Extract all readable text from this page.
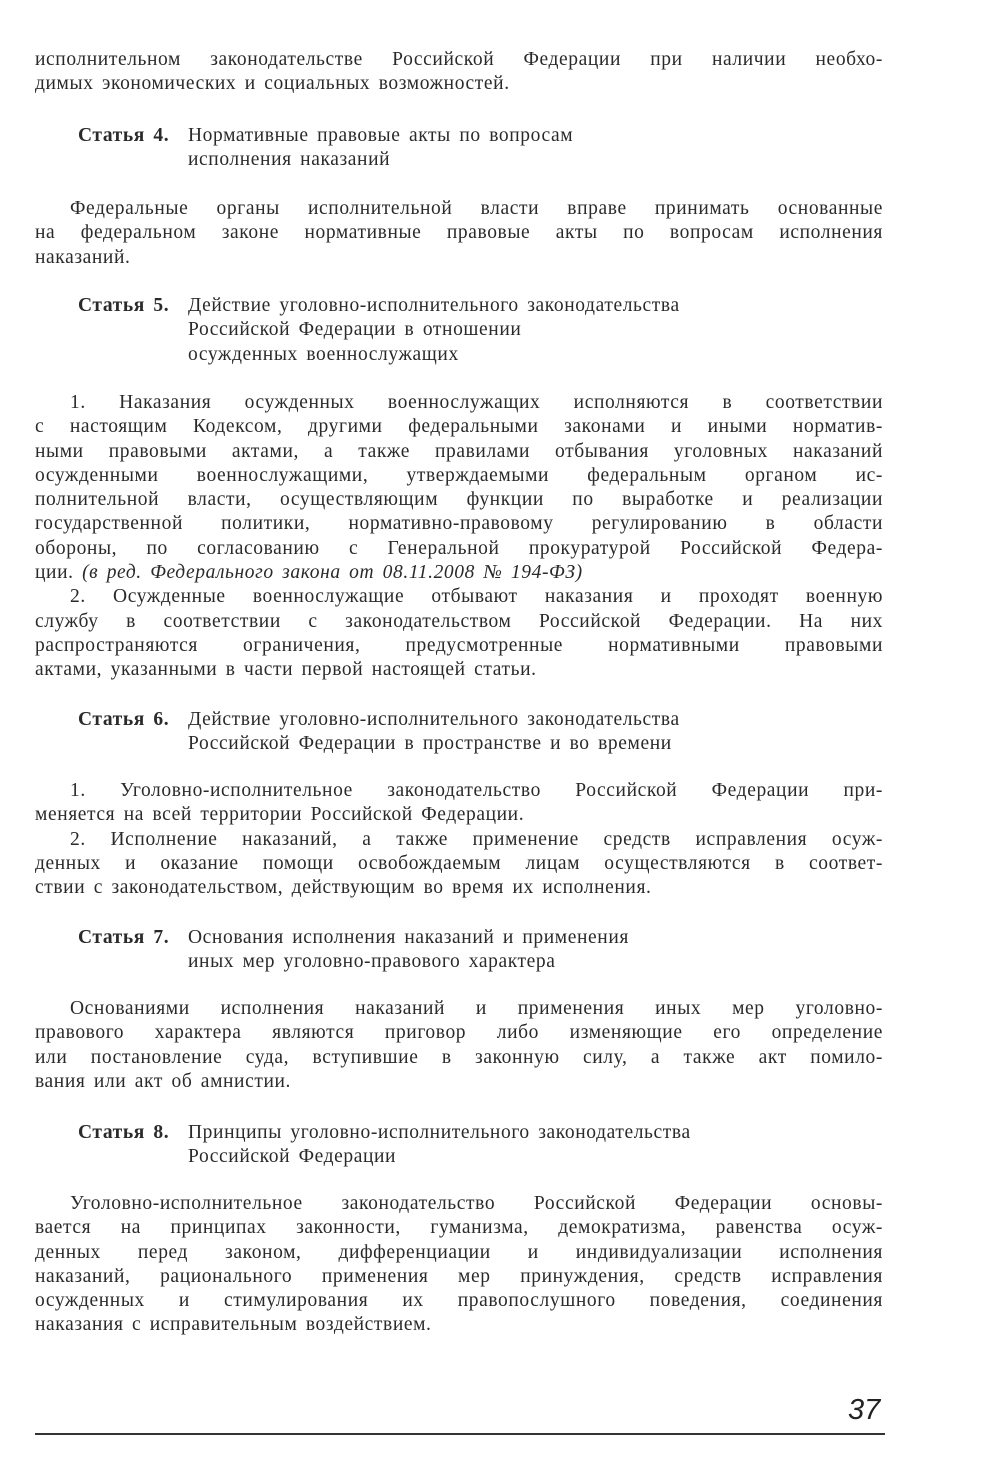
исполнительном законодательстве Российской Федерации при наличии необхо-
димых экономических и социальных возможностей.
Статья 4. Нормативные правовые акты по вопросам
исполнения наказаний
Федеральные органы исполнительной власти вправе принимать основанные
на федеральном законе нормативные правовые акты по вопросам исполнения
наказаний.
Статья 5. Действие уголовно-исполнительного законодательства
Российской Федерации в отношении
осужденных военнослужащих
1. Наказания осужденных военнослужащих исполняются в соответствии
с настоящим Кодексом, другими федеральными законами и иными норматив-
ными правовыми актами, а также правилами отбывания уголовных наказаний
осужденными военнослужащими, утверждаемыми федеральным органом ис-
полнительной власти, осуществляющим функции по выработке и реализации
государственной политики, нормативно-правовому регулированию в области
обороны, по согласованию с Генеральной прокуратурой Российской Федера-
ции. (в ред. Федерального закона от 08.11.2008 № 194-ФЗ)
2. Осужденные военнослужащие отбывают наказания и проходят военную
службу в соответствии с законодательством Российской Федерации. На них
распространяются ограничения, предусмотренные нормативными правовыми
актами, указанными в части первой настоящей статьи.
Статья 6. Действие уголовно-исполнительного законодательства
Российской Федерации в пространстве и во времени
1. Уголовно-исполнительное законодательство Российской Федерации при-
меняется на всей территории Российской Федерации.
2. Исполнение наказаний, а также применение средств исправления осуж-
денных и оказание помощи освобождаемым лицам осуществляются в соответ-
ствии с законодательством, действующим во время их исполнения.
Статья 7. Основания исполнения наказаний и применения
иных мер уголовно-правового характера
Основаниями исполнения наказаний и применения иных мер уголовно-
правового характера являются приговор либо изменяющие его определение
или постановление суда, вступившие в законную силу, а также акт помило-
вания или акт об амнистии.
Статья 8. Принципы уголовно-исполнительного законодательства
Российской Федерации
Уголовно-исполнительное законодательство Российской Федерации основы-
вается на принципах законности, гуманизма, демократизма, равенства осуж-
денных перед законом, дифференциации и индивидуализации исполнения
наказаний, рационального применения мер принуждения, средств исправления
осужденных и стимулирования их правопослушного поведения, соединения
наказания с исправительным воздействием.
37
